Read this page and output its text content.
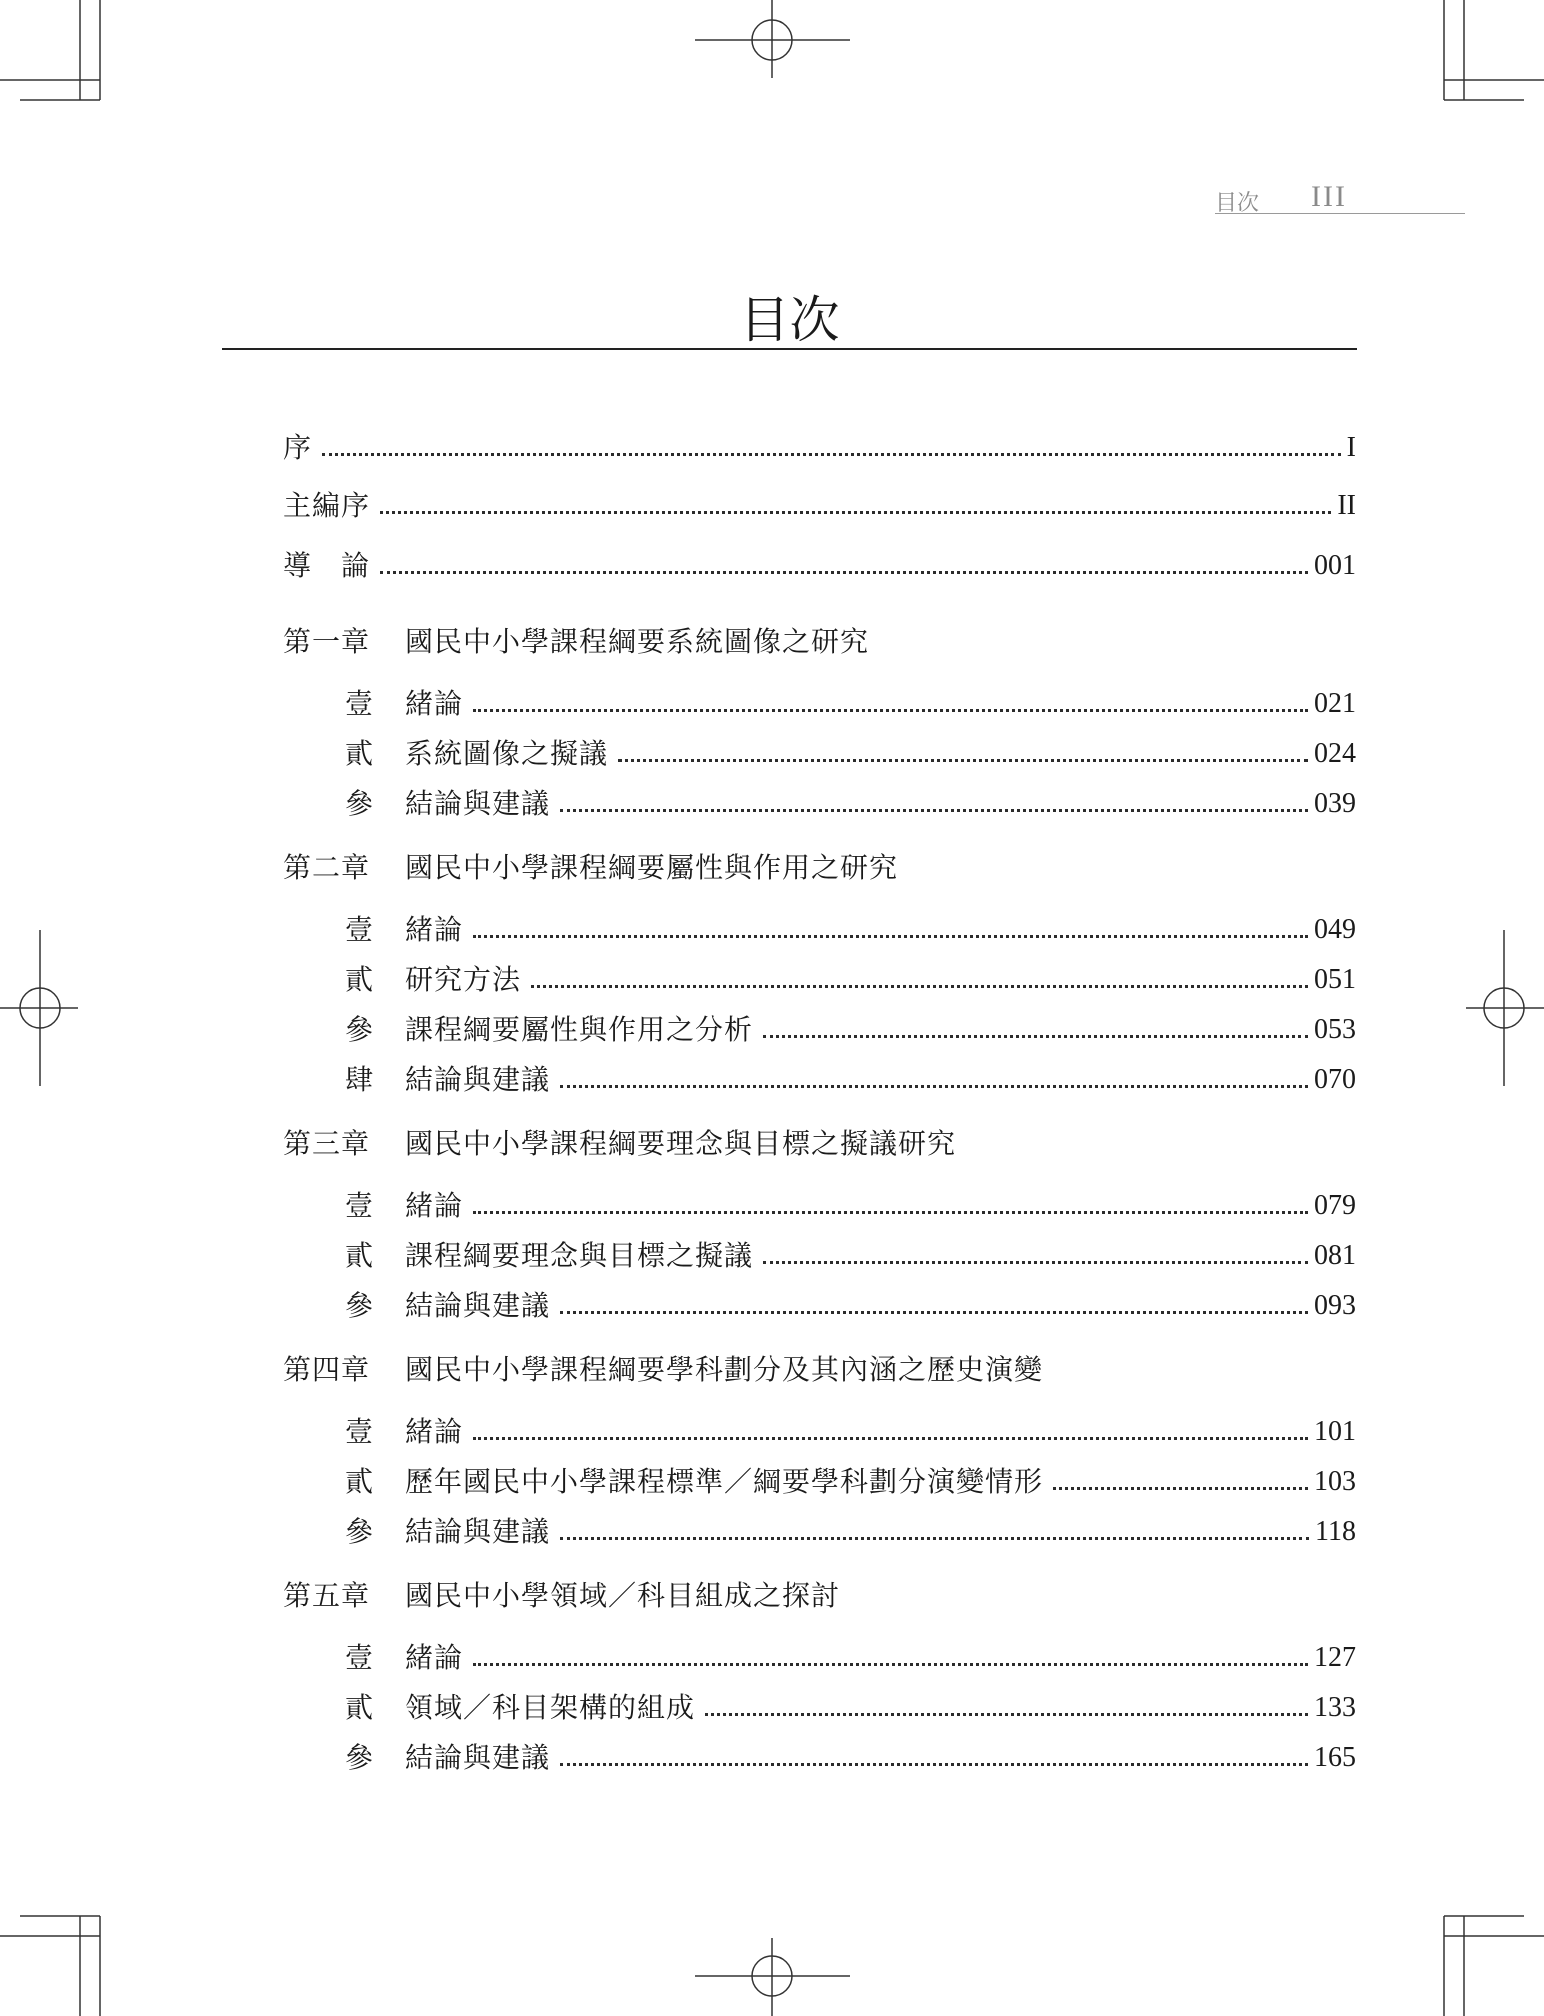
目次 III
目次
序	I
主編序	II
導　論	001
第一章 國民中小學課程綱要系統圖像之研究
壹	緒論	021
貳	系統圖像之擬議	024
參	結論與建議	039
第二章 國民中小學課程綱要屬性與作用之研究
壹	緒論	049
貳	研究方法	051
參	課程綱要屬性與作用之分析	053
肆	結論與建議	070
第三章 國民中小學課程綱要理念與目標之擬議研究
壹	緒論	079
貳	課程綱要理念與目標之擬議	081
參	結論與建議	093
第四章 國民中小學課程綱要學科劃分及其內涵之歷史演變
壹	緒論	101
貳	歷年國民中小學課程標準／綱要學科劃分演變情形	103
參	結論與建議	118
第五章 國民中小學領域／科目組成之探討
壹	緒論	127
貳	領域／科目架構的組成	133
參	結論與建議	165
